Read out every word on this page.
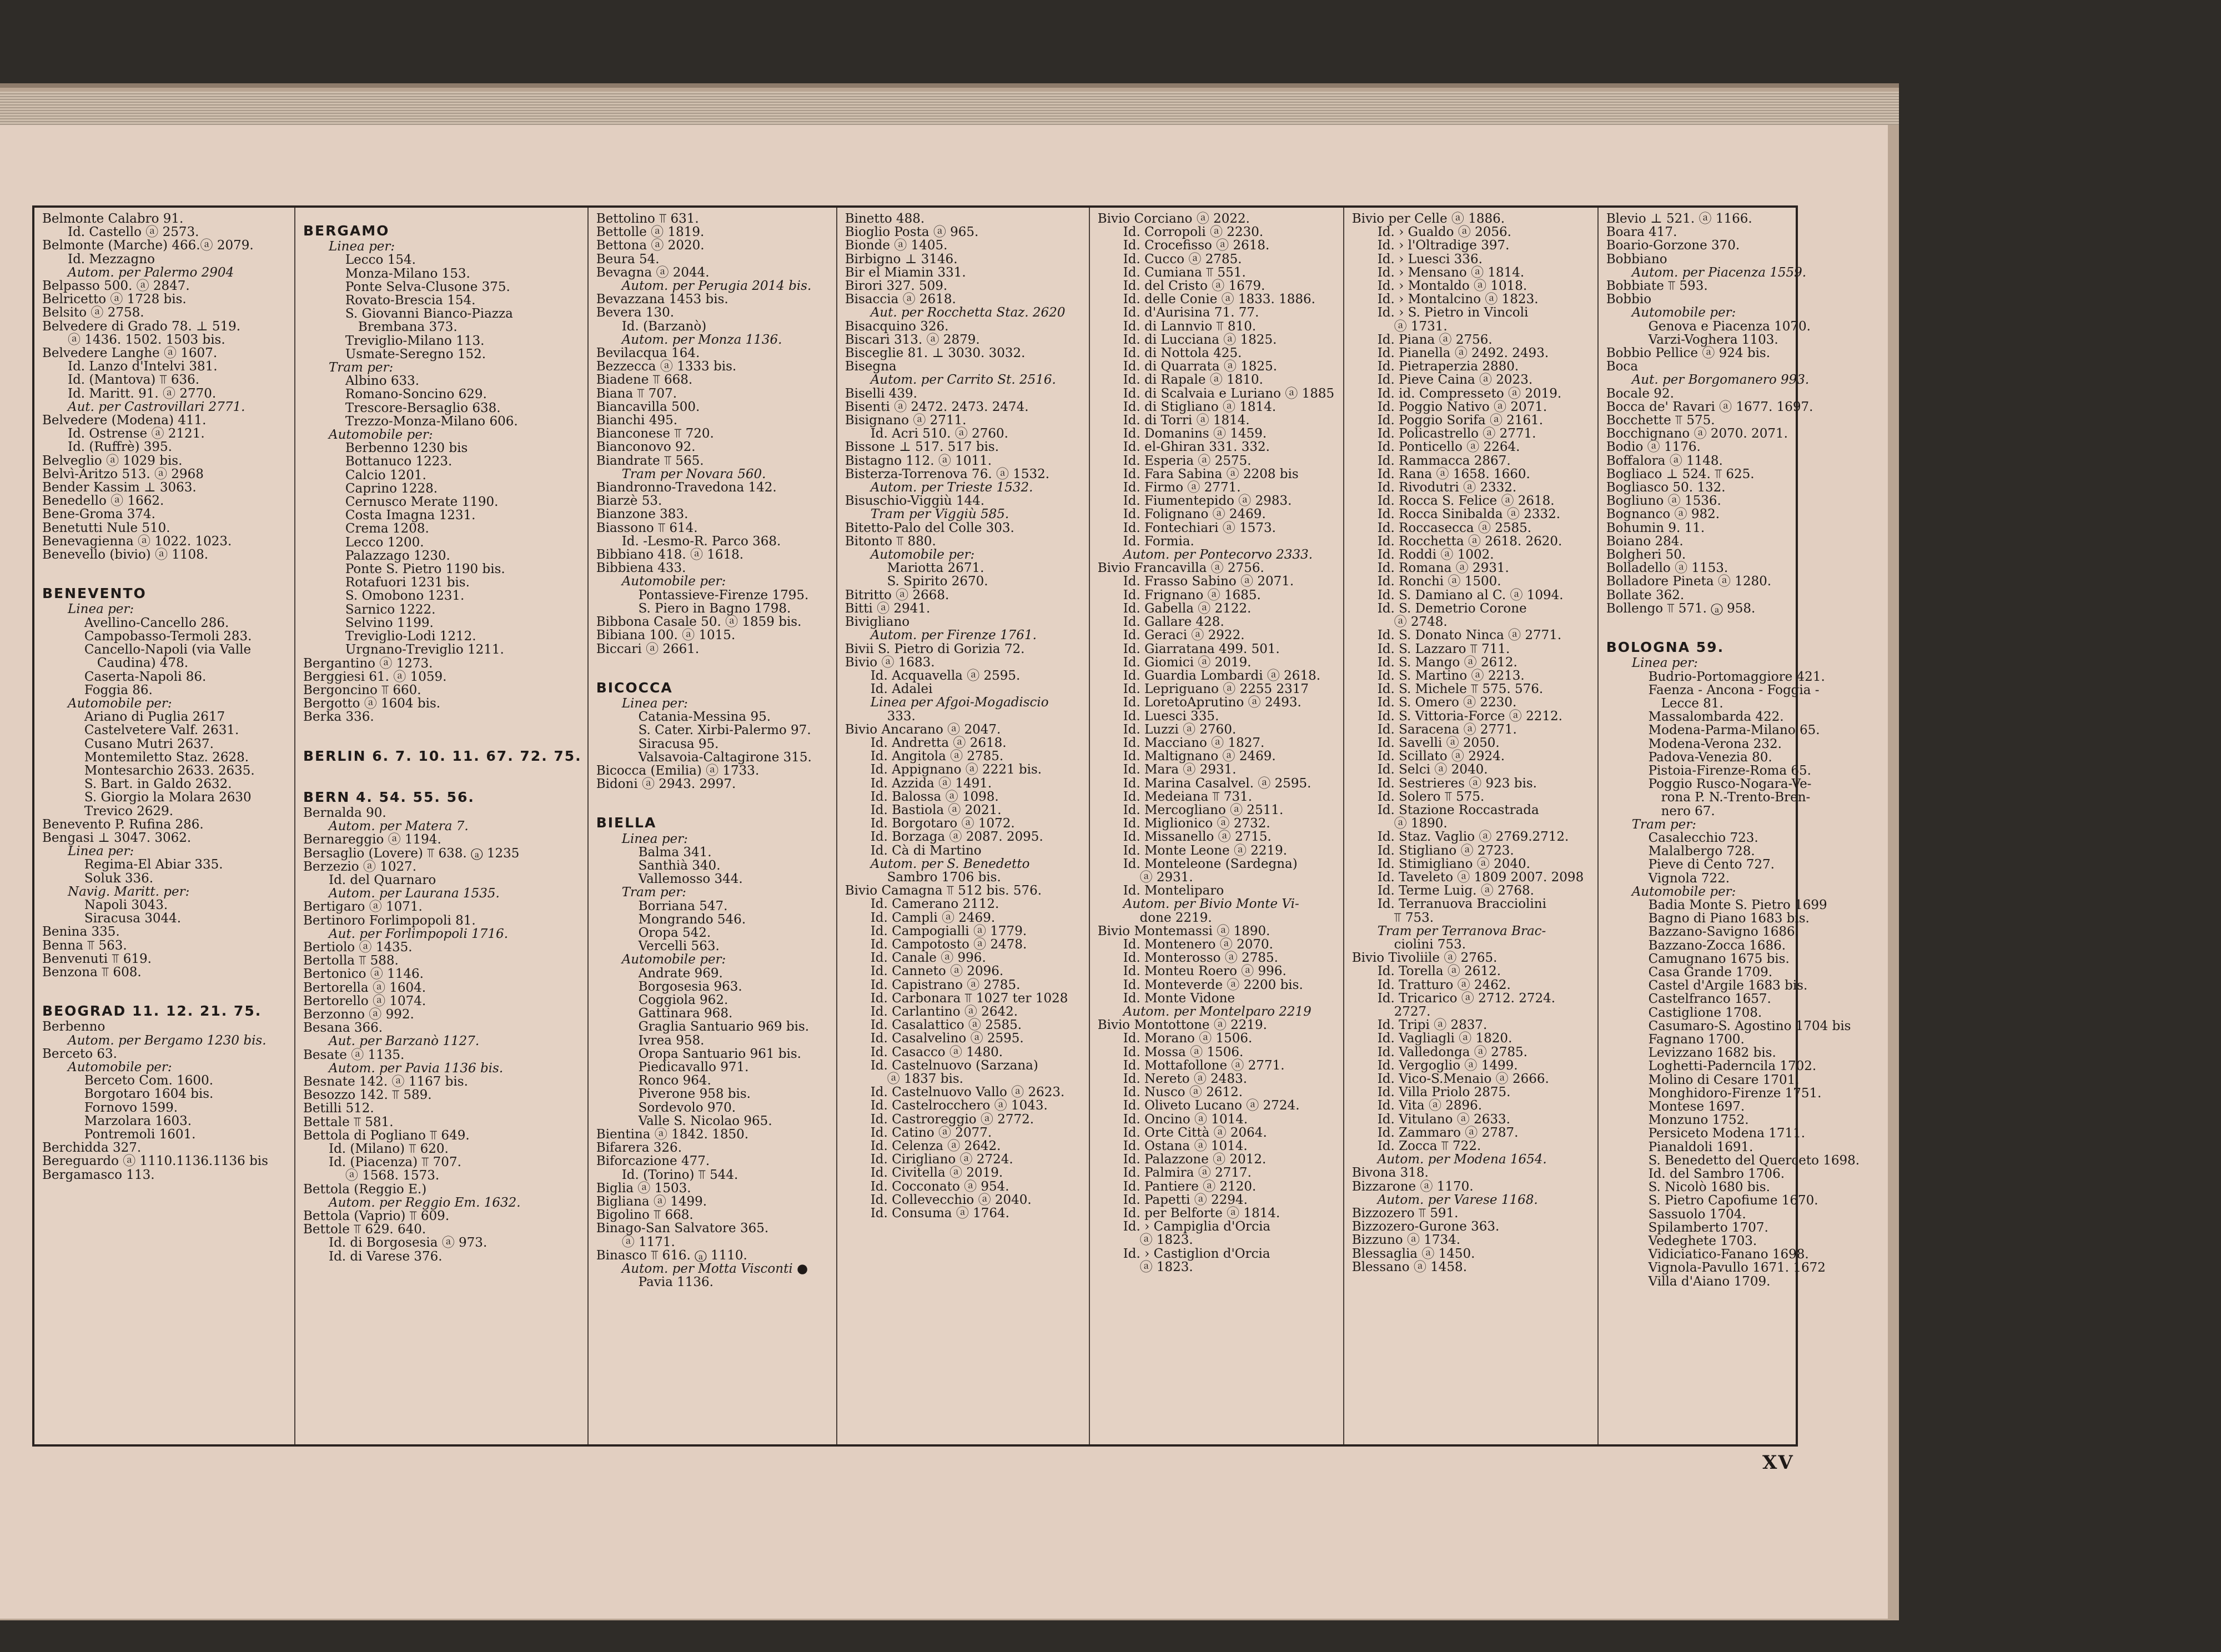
Belmonte Calabro 91.
Id. Castello ⓐ 2573.
Belmonte (Marche) 466.ⓐ 2079.
Id. Mezzagno
Autom. per Palermo 2904
Belpasso 500. ⓐ 2847.
Belricetto ⓐ 1728 bis.
Belsito ⓐ 2758.
Belvedere di Grado 78. ⊥ 519.
ⓐ 1436. 1502. 1503 bis.
Belvedere Langhe ⓐ 1607.
Id. Lanzo d'Intelvi 381.
Id. (Mantova) ⫪ 636.
Id. Maritt. 91. ⓐ 2770.
Aut. per Castrovillari 2771.
Belvedere (Modena) 411.
Id. Ostrense ⓐ 2121.
Id. (Ruffrè) 395.
Belveglio ⓐ 1029 bis.
Belvì-Aritzo 513. ⓐ 2968
Bender Kassim ⊥ 3063.
Benedello ⓐ 1662.
Bene-Groma 374.
Benetutti Nule 510.
Benevagienna ⓐ 1022. 1023.
Benevello (bivio) ⓐ 1108.
BENEVENTO
Linea per:
Avellino-Cancello 286.
Campobasso-Termoli 283.
Cancello-Napoli (via Valle
Caudina) 478.
Caserta-Napoli 86.
Foggia 86.
Automobile per:
Ariano di Puglia 2617
Castelvetere Valf. 2631.
Cusano Mutri 2637.
Montemiletto Staz. 2628.
Montesarchio 2633. 2635.
S. Bart. in Galdo 2632.
S. Giorgio la Molara 2630
Trevico 2629.
Benevento P. Rufina 286.
Bengasi ⊥ 3047. 3062.
Linea per:
Regima-El Abiar 335.
Soluk 336.
Navig. Maritt. per:
Napoli 3043.
Siracusa 3044.
Benina 335.
Benna ⫪ 563.
Benvenuti ⫪ 619.
Benzona ⫪ 608.
BEOGRAD 11. 12. 21. 75.
Berbenno
Autom. per Bergamo 1230 bis.
Berceto 63.
Automobile per:
Berceto Com. 1600.
Borgotaro 1604 bis.
Fornovo 1599.
Marzolara 1603.
Pontremoli 1601.
Berchidda 327.
Bereguardo ⓐ 1110.1136.1136 bis
Bergamasco 113.
BERGAMO
Linea per:
Lecco 154.
Monza-Milano 153.
Ponte Selva-Clusone 375.
Rovato-Brescia 154.
S. Giovanni Bianco-Piazza
Brembana 373.
Treviglio-Milano 113.
Usmate-Seregno 152.
Tram per:
Albino 633.
Romano-Soncino 629.
Trescore-Bersaglio 638.
Trezzo-Monza-Milano 606.
Automobile per:
Berbenno 1230 bis
Bottanuco 1223.
Calcio 1201.
Caprino 1228.
Cernusco Merate 1190.
Costa Imagna 1231.
Crema 1208.
Lecco 1200.
Palazzago 1230.
Ponte S. Pietro 1190 bis.
Rotafuori 1231 bis.
S. Omobono 1231.
Sarnico 1222.
Selvino 1199.
Treviglio-Lodi 1212.
Urgnano-Treviglio 1211.
Bergantino ⓐ 1273.
Berggiesi 61. ⓐ 1059.
Bergoncino ⫪ 660.
Bergotto ⓐ 1604 bis.
Berka 336.
BERLIN 6. 7. 10. 11. 67. 72. 75.
BERN 4. 54. 55. 56.
Bernalda 90.
Autom. per Matera 7.
Bernareggio ⓐ 1194.
Bersaglio (Lovere) ⫪ 638. ⓐ 1235
Berzezio ⓐ 1027.
Id. del Quarnaro
Autom. per Laurana 1535.
Bertigaro ⓐ 1071.
Bertinoro Forlimpopoli 81.
Aut. per Forlimpopoli 1716.
Bertiolo ⓐ 1435.
Bertolla ⫪ 588.
Bertonico ⓐ 1146.
Bertorella ⓐ 1604.
Bertorello ⓐ 1074.
Berzonno ⓐ 992.
Besana 366.
Aut. per Barzanò 1127.
Besate ⓐ 1135.
Autom. per Pavia 1136 bis.
Besnate 142. ⓐ 1167 bis.
Besozzo 142. ⫪ 589.
Betilli 512.
Bettale ⫪ 581.
Bettola di Pogliano ⫪ 649.
Id. (Milano) ⫪ 620.
Id. (Piacenza) ⫪ 707.
ⓐ 1568. 1573.
Bettola (Reggio E.)
Autom. per Reggio Em. 1632.
Bettola (Vaprio) ⫪ 609.
Bettole ⫪ 629. 640.
Id. di Borgosesia ⓐ 973.
Id. di Varese 376.
Bettolino ⫪ 631.
Bettolle ⓐ 1819.
Bettona ⓐ 2020.
Beura 54.
Bevagna ⓐ 2044.
Autom. per Perugia 2014 bis.
Bevazzana 1453 bis.
Bevera 130.
Id. (Barzanò)
Autom. per Monza 1136.
Bevilacqua 164.
Bezzecca ⓐ 1333 bis.
Biadene ⫪ 668.
Biana ⫪ 707.
Biancavilla 500.
Bianchi 495.
Bianconese ⫪ 720.
Bianconovo 92.
Biandrate ⫪ 565.
Tram per Novara 560.
Biandronno-Travedona 142.
Biarzè 53.
Bianzone 383.
Biassono ⫪ 614.
Id. -Lesmo-R. Parco 368.
Bibbiano 418. ⓐ 1618.
Bibbiena 433.
Automobile per:
Pontassieve-Firenze 1795.
S. Piero in Bagno 1798.
Bibbona Casale 50. ⓐ 1859 bis.
Bibiana 100. ⓐ 1015.
Biccari ⓐ 2661.
BICOCCA
Linea per:
Catania-Messina 95.
S. Cater. Xirbi-Palermo 97.
Siracusa 95.
Valsavoia-Caltagirone 315.
Bicocca (Emilia) ⓐ 1733.
Bidoni ⓐ 2943. 2997.
BIELLA
Linea per:
Balma 341.
Santhià 340.
Vallemosso 344.
Tram per:
Borriana 547.
Mongrando 546.
Oropa 542.
Vercelli 563.
Automobile per:
Andrate 969.
Borgosesia 963.
Coggiola 962.
Gattinara 968.
Graglia Santuario 969 bis.
Ivrea 958.
Oropa Santuario 961 bis.
Piedicavallo 971.
Ronco 964.
Piverone 958 bis.
Sordevolo 970.
Valle S. Nicolao 965.
Bientina ⓐ 1842. 1850.
Bifarera 326.
Biforcazione 477.
Id. (Torino) ⫪ 544.
Biglia ⓐ 1503.
Bigliana ⓐ 1499.
Bigolino ⫪ 668.
Binago-San Salvatore 365.
ⓐ 1171.
Binasco ⫪ 616. ⓐ 1110.
Autom. per Motta Visconti ●
Pavia 1136.
Binetto 488.
Bioglio Posta ⓐ 965.
Bionde ⓐ 1405.
Birbigno ⊥ 3146.
Bir el Miamin 331.
Birori 327. 509.
Bisaccia ⓐ 2618.
Aut. per Rocchetta Staz. 2620
Bisacquino 326.
Biscari 313. ⓐ 2879.
Bisceglie 81. ⊥ 3030. 3032.
Bisegna
Autom. per Carrito St. 2516.
Biselli 439.
Bisenti ⓐ 2472. 2473. 2474.
Bisignano ⓐ 2711.
Id. Acri 510. ⓐ 2760.
Bissone ⊥ 517. 517 bis.
Bistagno 112. ⓐ 1011.
Bisterza-Torrenova 76. ⓐ 1532.
Autom. per Trieste 1532.
Bisuschio-Viggiù 144.
Tram per Viggiù 585.
Bitetto-Palo del Colle 303.
Bitonto ⫪ 880.
Automobile per:
Mariotta 2671.
S. Spirito 2670.
Bitritto ⓐ 2668.
Bitti ⓐ 2941.
Bivigliano
Autom. per Firenze 1761.
Bivii S. Pietro di Gorizia 72.
Bivio ⓐ 1683.
Id. Acquavella ⓐ 2595.
Id. Adalei
Linea per Afgoi-Mogadiscio
333.
Bivio Ancarano ⓐ 2047.
Id. Andretta ⓐ 2618.
Id. Angitola ⓐ 2785.
Id. Appignano ⓐ 2221 bis.
Id. Azzida ⓐ 1491.
Id. Balossa ⓐ 1098.
Id. Bastiola ⓐ 2021.
Id. Borgotaro ⓐ 1072.
Id. Borzaga ⓐ 2087. 2095.
Id. Cà di Martino
Autom. per S. Benedetto
Sambro 1706 bis.
Bivio Camagna ⫪ 512 bis. 576.
Id. Camerano 2112.
Id. Campli ⓐ 2469.
Id. Campogialli ⓐ 1779.
Id. Campotosto ⓐ 2478.
Id. Canale ⓐ 996.
Id. Canneto ⓐ 2096.
Id. Capistrano ⓐ 2785.
Id. Carbonara ⫪ 1027 ter 1028
Id. Carlantino ⓐ 2642.
Id. Casalattico ⓐ 2585.
Id. Casalvelino ⓐ 2595.
Id. Casacco ⓐ 1480.
Id. Castelnuovo (Sarzana)
ⓐ 1837 bis.
Id. Castelnuovo Vallo ⓐ 2623.
Id. Castelrocchero ⓐ 1043.
Id. Castroreggio ⓐ 2772.
Id. Catino ⓐ 2077.
Id. Celenza ⓐ 2642.
Id. Cirigliano ⓐ 2724.
Id. Civitella ⓐ 2019.
Id. Cocconato ⓐ 954.
Id. Collevecchio ⓐ 2040.
Id. Consuma ⓐ 1764.
Bivio Corciano ⓐ 2022.
Id. Corropoli ⓐ 2230.
Id. Crocefisso ⓐ 2618.
Id. Cucco ⓐ 2785.
Id. Cumiana ⫪ 551.
Id. del Cristo ⓐ 1679.
Id. delle Conie ⓐ 1833. 1886.
Id. d'Aurisina 71. 77.
Id. di Lannvio ⫪ 810.
Id. di Lucciana ⓐ 1825.
Id. di Nottola 425.
Id. di Quarrata ⓐ 1825.
Id. di Rapale ⓐ 1810.
Id. di Scalvaia e Luriano ⓐ 1885
Id. di Stigliano ⓐ 1814.
Id. di Torri ⓐ 1814.
Id. Domanins ⓐ 1459.
Id. el-Ghiran 331. 332.
Id. Esperia ⓐ 2575.
Id. Fara Sabina ⓐ 2208 bis
Id. Firmo ⓐ 2771.
Id. Fiumentepido ⓐ 2983.
Id. Folignano ⓐ 2469.
Id. Fontechiari ⓐ 1573.
Id. Formia.
Autom. per Pontecorvo 2333.
Bivio Francavilla ⓐ 2756.
Id. Frasso Sabino ⓐ 2071.
Id. Frignano ⓐ 1685.
Id. Gabella ⓐ 2122.
Id. Gallare 428.
Id. Geraci ⓐ 2922.
Id. Giarratana 499. 501.
Id. Giomici ⓐ 2019.
Id. Guardia Lombardi ⓐ 2618.
Id. Lepriguano ⓐ 2255 2317
Id. LoretoAprutino ⓐ 2493.
Id. Luesci 335.
Id. Luzzi ⓐ 2760.
Id. Macciano ⓐ 1827.
Id. Maltignano ⓐ 2469.
Id. Mara ⓐ 2931.
Id. Marina Casalvel. ⓐ 2595.
Id. Medeiana ⫪ 731.
Id. Mercogliano ⓐ 2511.
Id. Miglionico ⓐ 2732.
Id. Missanello ⓐ 2715.
Id. Monte Leone ⓐ 2219.
Id. Monteleone (Sardegna)
ⓐ 2931.
Id. Monteliparo
Autom. per Bivio Monte Vi-
done 2219.
Bivio Montemassi ⓐ 1890.
Id. Montenero ⓐ 2070.
Id. Monterosso ⓐ 2785.
Id. Monteu Roero ⓐ 996.
Id. Monteverde ⓐ 2200 bis.
Id. Monte Vidone
Autom. per Montelparo 2219
Bivio Montottone ⓐ 2219.
Id. Morano ⓐ 1506.
Id. Mossa ⓐ 1506.
Id. Mottafollone ⓐ 2771.
Id. Nereto ⓐ 2483.
Id. Nusco ⓐ 2612.
Id. Oliveto Lucano ⓐ 2724.
Id. Oncino ⓐ 1014.
Id. Orte Città ⓐ 2064.
Id. Ostana ⓐ 1014.
Id. Palazzone ⓐ 2012.
Id. Palmira ⓐ 2717.
Id. Pantiere ⓐ 2120.
Id. Papetti ⓐ 2294.
Id. per Belforte ⓐ 1814.
Id. › Campiglia d'Orcia
ⓐ 1823.
Id. › Castiglion d'Orcia
ⓐ 1823.
Bivio per Celle ⓐ 1886.
Id. › Gualdo ⓐ 2056.
Id. › l'Oltradige 397.
Id. › Luesci 336.
Id. › Mensano ⓐ 1814.
Id. › Montaldo ⓐ 1018.
Id. › Montalcino ⓐ 1823.
Id. › S. Pietro in Vincoli
ⓐ 1731.
Id. Piana ⓐ 2756.
Id. Pianella ⓐ 2492. 2493.
Id. Pietraperzia 2880.
Id. Pieve Caina ⓐ 2023.
Id. id. Compresseto ⓐ 2019.
Id. Poggio Nativo ⓐ 2071.
Id. Poggio Sorifa ⓐ 2161.
Id. Policastrello ⓐ 2771.
Id. Ponticello ⓐ 2264.
Id. Rammacca 2867.
Id. Rana ⓐ 1658. 1660.
Id. Rivodutri ⓐ 2332.
Id. Rocca S. Felice ⓐ 2618.
Id. Rocca Sinibalda ⓐ 2332.
Id. Roccasecca ⓐ 2585.
Id. Rocchetta ⓐ 2618. 2620.
Id. Roddi ⓐ 1002.
Id. Romana ⓐ 2931.
Id. Ronchi ⓐ 1500.
Id. S. Damiano al C. ⓐ 1094.
Id. S. Demetrio Corone
ⓐ 2748.
Id. S. Donato Ninca ⓐ 2771.
Id. S. Lazzaro ⫪ 711.
Id. S. Mango ⓐ 2612.
Id. S. Martino ⓐ 2213.
Id. S. Michele ⫪ 575. 576.
Id. S. Omero ⓐ 2230.
Id. S. Vittoria-Force ⓐ 2212.
Id. Saracena ⓐ 2771.
Id. Savelli ⓐ 2050.
Id. Scillato ⓐ 2924.
Id. Selci ⓐ 2040.
Id. Sestrieres ⓐ 923 bis.
Id. Solero ⫪ 575.
Id. Stazione Roccastrada
ⓐ 1890.
Id. Staz. Vaglio ⓐ 2769.2712.
Id. Stigliano ⓐ 2723.
Id. Stimigliano ⓐ 2040.
Id. Taveleto ⓐ 1809 2007. 2098
Id. Terme Luig. ⓐ 2768.
Id. Terranuova Bracciolini
⫪ 753.
Tram per Terranova Brac-
ciolini 753.
Bivio Tivoliile ⓐ 2765.
Id. Torella ⓐ 2612.
Id. Tratturo ⓐ 2462.
Id. Tricarico ⓐ 2712. 2724.
2727.
Id. Tripi ⓐ 2837.
Id. Vagliagli ⓐ 1820.
Id. Valledonga ⓐ 2785.
Id. Vergoglio ⓐ 1499.
Id. Vico-S.Menaio ⓐ 2666.
Id. Villa Priolo 2875.
Id. Vita ⓐ 2896.
Id. Vitulano ⓐ 2633.
Id. Zammaro ⓐ 2787.
Id. Zocca ⫪ 722.
Autom. per Modena 1654.
Bivona 318.
Bizzarone ⓐ 1170.
Autom. per Varese 1168.
Bizzozero ⫪ 591.
Bizzozero-Gurone 363.
Bizzuno ⓐ 1734.
Blessaglia ⓐ 1450.
Blessano ⓐ 1458.
Blevio ⊥ 521. ⓐ 1166.
Boara 417.
Boario-Gorzone 370.
Bobbiano
Autom. per Piacenza 1559.
Bobbiate ⫪ 593.
Bobbio
Automobile per:
Genova e Piacenza 1070.
Varzi-Voghera 1103.
Bobbio Pellice ⓐ 924 bis.
Boca
Aut. per Borgomanero 993.
Bocale 92.
Bocca de' Ravari ⓐ 1677. 1697.
Bocchette ⫪ 575.
Bocchignano ⓐ 2070. 2071.
Bodio ⓐ 1176.
Boffalora ⓐ 1148.
Bogliaco ⊥ 524. ⫪ 625.
Bogliasco 50. 132.
Bogliuno ⓐ 1536.
Bognanco ⓐ 982.
Bohumin 9. 11.
Boiano 284.
Bolgheri 50.
Bolladello ⓐ 1153.
Bolladore Pineta ⓐ 1280.
Bollate 362.
Bollengo ⫪ 571. ⓐ 958.
BOLOGNA 59.
Linea per:
Budrio-Portomaggiore 421.
Faenza - Ancona - Foggia -
Lecce 81.
Massalombarda 422.
Modena-Parma-Milano 65.
Modena-Verona 232.
Padova-Venezia 80.
Pistoia-Firenze-Roma 65.
Poggio Rusco-Nogara-Ve-
rona P. N.-Trento-Bren-
nero 67.
Tram per:
Casalecchio 723.
Malalbergo 728.
Pieve di Cento 727.
Vignola 722.
Automobile per:
Badia Monte S. Pietro 1699
Bagno di Piano 1683 bis.
Bazzano-Savigno 1686.
Bazzano-Zocca 1686.
Camugnano 1675 bis.
Casa Grande 1709.
Castel d'Argile 1683 bis.
Castelfranco 1657.
Castiglione 1708.
Casumaro-S. Agostino 1704 bis
Fagnano 1700.
Levizzano 1682 bis.
Loghetti-Paderncila 1702.
Molino di Cesare 1701.
Monghidoro-Firenze 1751.
Montese 1697.
Monzuno 1752.
Persiceto Modena 1711.
Pianaldoli 1691.
S. Benedetto del Querceto 1698.
Id. del Sambro 1706.
S. Nicolò 1680 bis.
S. Pietro Capofiume 1670.
Sassuolo 1704.
Spilamberto 1707.
Vedeghete 1703.
Vidiciatico-Fanano 1698.
Vignola-Pavullo 1671. 1672
Villa d'Aiano 1709.
XV
